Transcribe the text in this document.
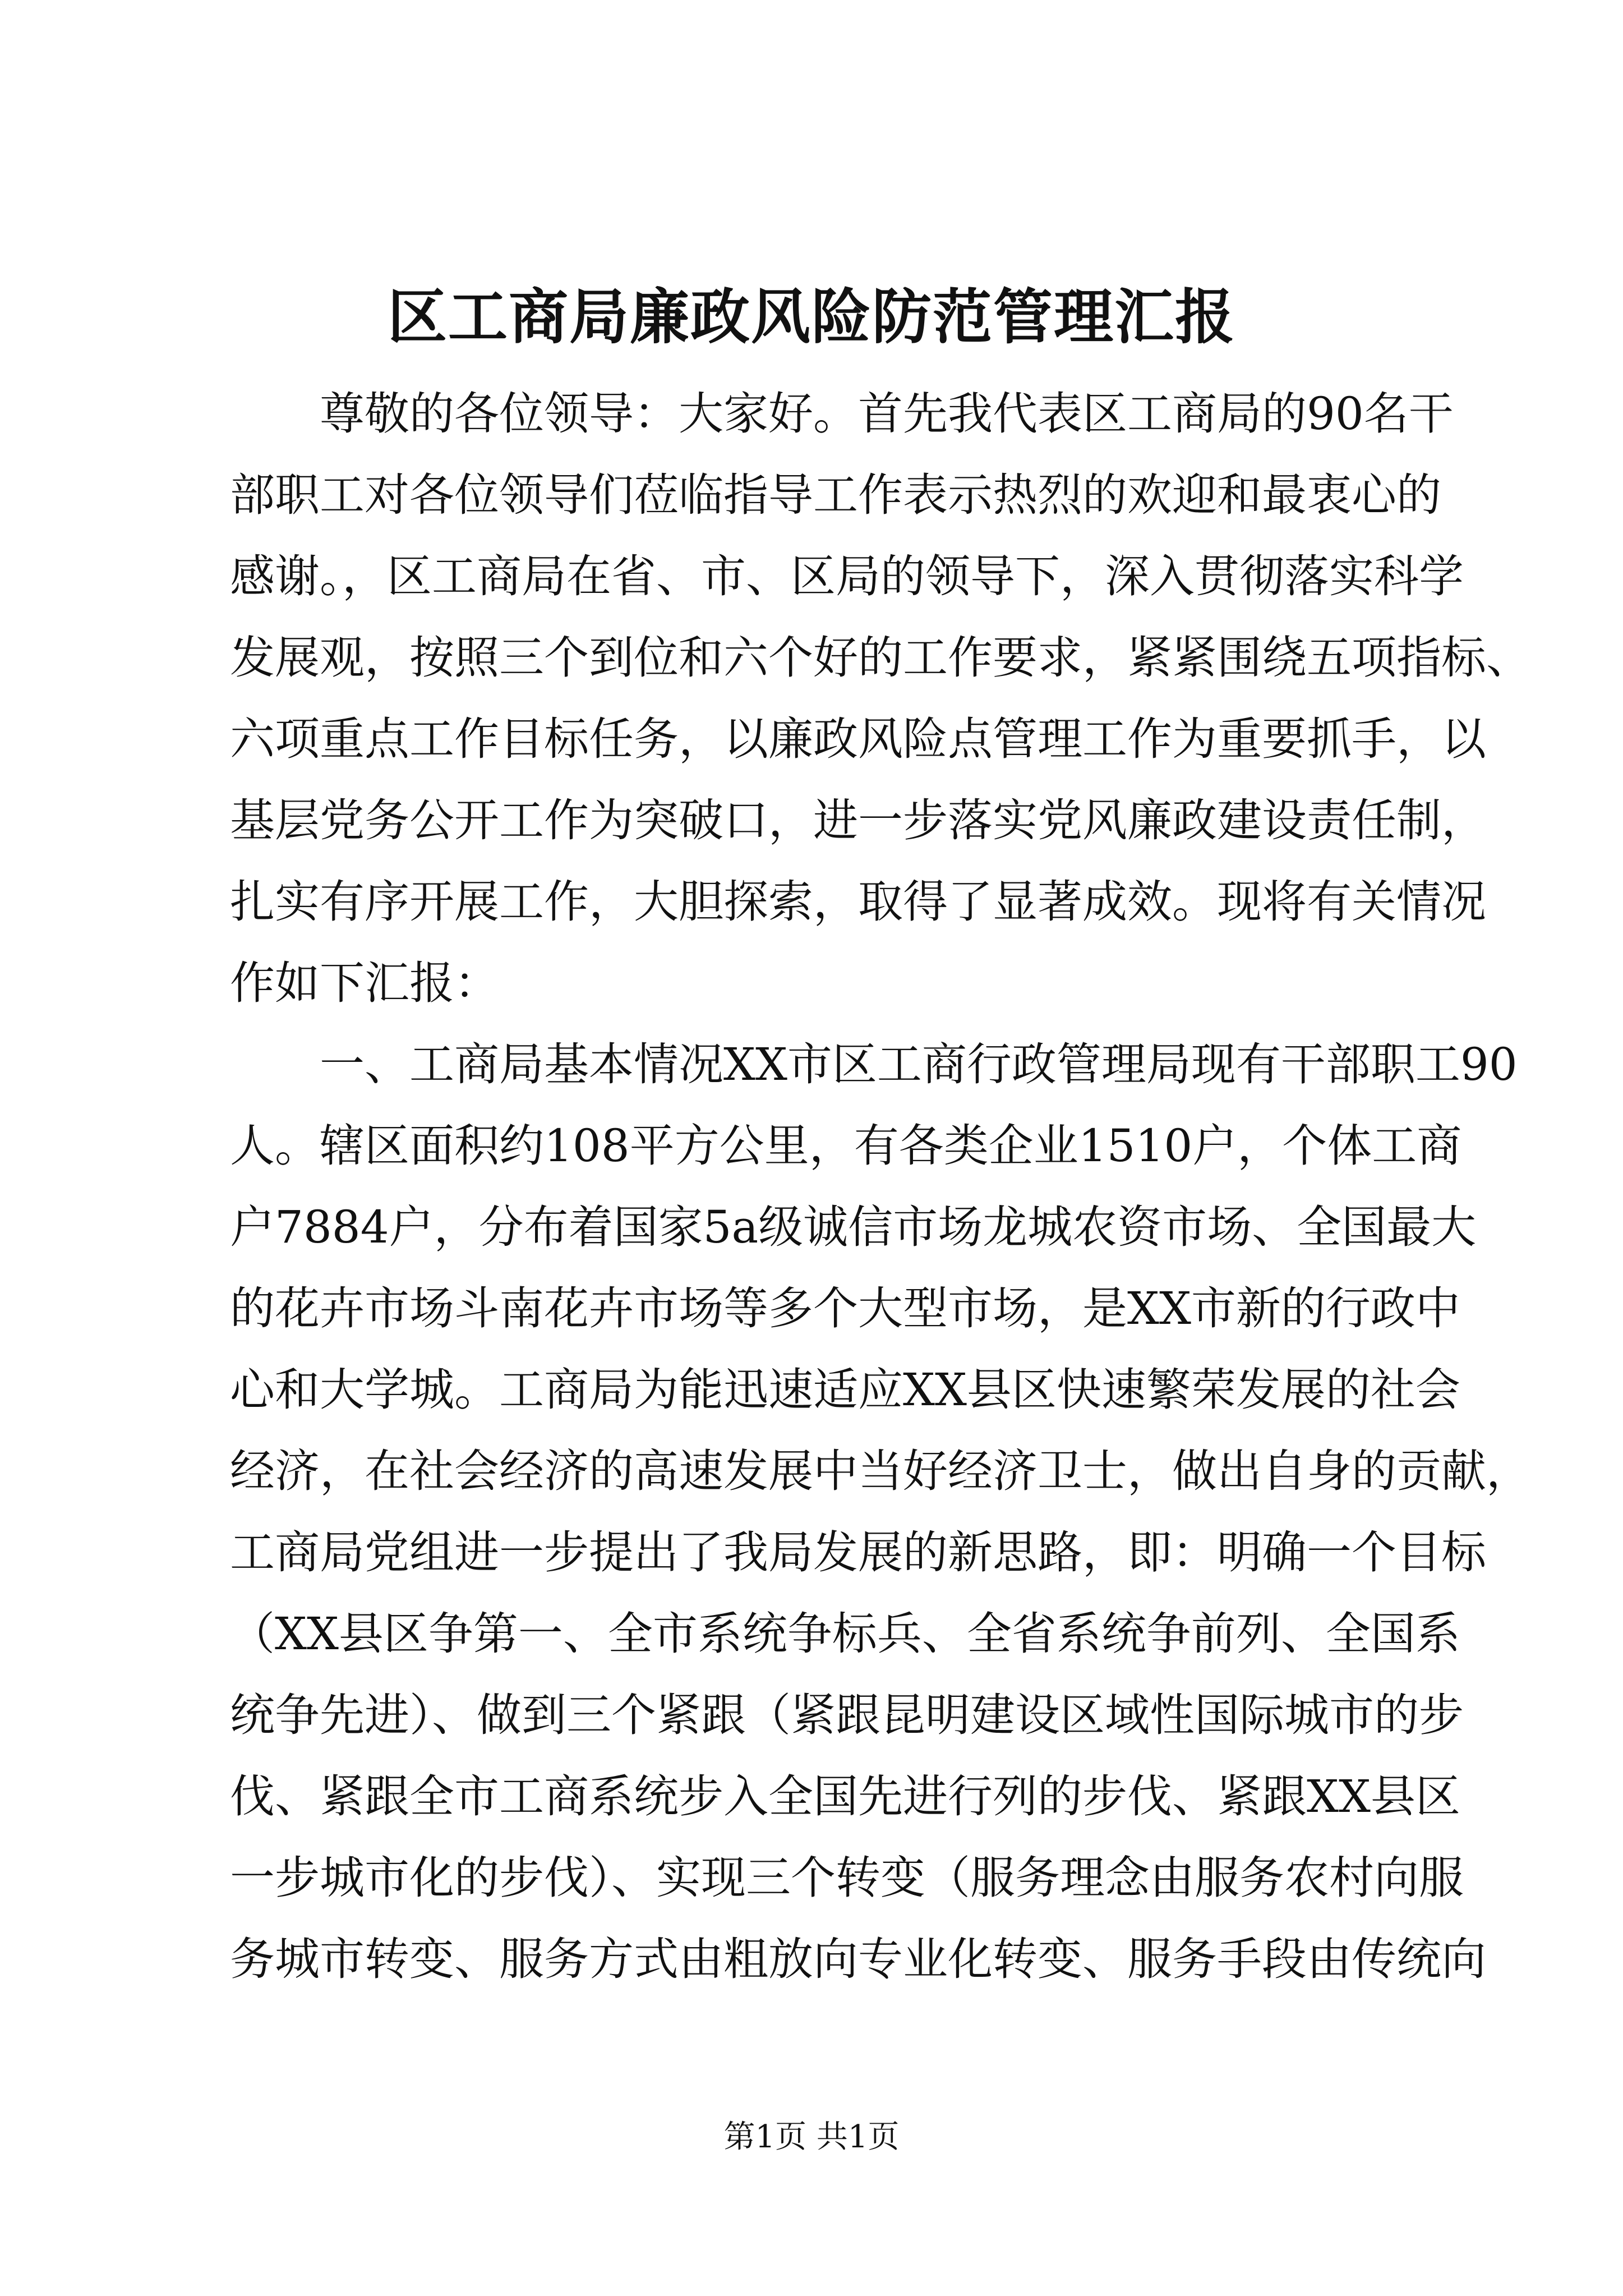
区工商局廉政风险防范管理汇报
尊敬的各位领导：大家好。首先我代表区工商局的90名干
部职工对各位领导们莅临指导工作表示热烈的欢迎和最衷心的
感谢。，区工商局在省、市、区局的领导下，深入贯彻落实科学
发展观，按照三个到位和六个好的工作要求，紧紧围绕五项指标、
六项重点工作目标任务，以廉政风险点管理工作为重要抓手，以
基层党务公开工作为突破口，进一步落实党风廉政建设责任制，
扎实有序开展工作，大胆探索，取得了显著成效。现将有关情况
作如下汇报：
一、工商局基本情况XX市区工商行政管理局现有干部职工90
人。辖区面积约108平方公里，有各类企业1510户，个体工商
户7884户，分布着国家5a级诚信市场龙城农资市场、全国最大
的花卉市场斗南花卉市场等多个大型市场，是XX市新的行政中
心和大学城。工商局为能迅速适应XX县区快速繁荣发展的社会
经济，在社会经济的高速发展中当好经济卫士，做出自身的贡献，
工商局党组进一步提出了我局发展的新思路，即：明确一个目标
（XX县区争第一、全市系统争标兵、全省系统争前列、全国系
统争先进）、做到三个紧跟（紧跟昆明建设区域性国际城市的步
伐、紧跟全市工商系统步入全国先进行列的步伐、紧跟XX县区
一步城市化的步伐）、实现三个转变（服务理念由服务农村向服
务城市转变、服务方式由粗放向专业化转变、服务手段由传统向
第1页 共1页
